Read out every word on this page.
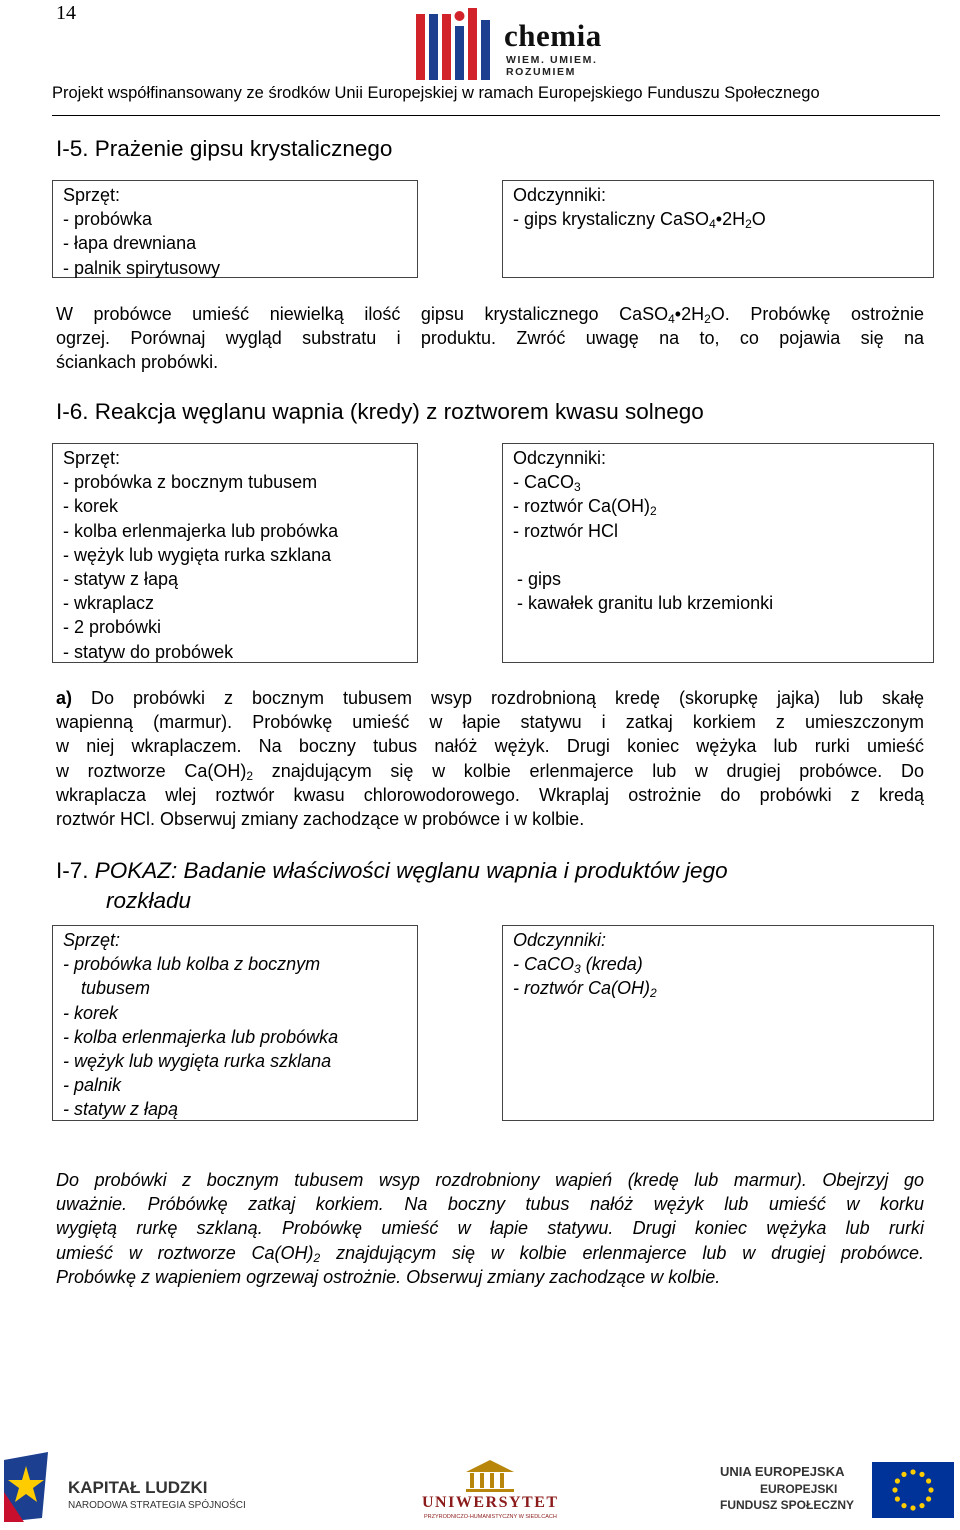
14
chemia
WIEM. UMIEM. ROZUMIEM
Projekt współfinansowany ze środków Unii Europejskiej w ramach Europejskiego Funduszu Społecznego
I-5. Prażenie gipsu krystalicznego
Sprzęt:
- probówka
- łapa drewniana
- palnik spirytusowy
Odczynniki:
- gips krystaliczny $CaSO_4•2H_2O$
W probówce umieść niewielką ilość gipsu krystalicznego $CaSO_4•2H_2O$. Probówkę ostrożnie
ogrzej. Porównaj wygląd substratu i produktu. Zwróć uwagę na to, co pojawia się na
ściankach probówki.
I-6. Reakcja węglanu wapnia (kredy) z roztworem kwasu solnego
Sprzęt:
- probówka z bocznym tubusem
- korek
- kolba erlenmajerka lub probówka
- wężyk lub wygięta rurka szklana
- statyw z łapą
- wkraplacz
- 2 probówki
- statyw do probówek
Odczynniki:
- CaCO$_3$
- roztwór $Ca(OH)_2$
- roztwór HCl
- gips
- kawałek granitu lub krzemionki
a) Do probówki z bocznym tubusem wsyp rozdrobnioną kredę (skorupkę jajka) lub skałę
wapienną (marmur). Probówkę umieść w łapie statywu i zatkaj korkiem z umieszczonym
w niej wkraplaczem. Na boczny tubus nałóż wężyk. Drugi koniec wężyka lub rurki umieść
w roztworze $Ca(OH)_2$ znajdującym się w kolbie erlenmajerce lub w drugiej probówce. Do
wkraplacza wlej roztwór kwasu chlorowodorowego. Wkraplaj ostrożnie do probówki z kredą
roztwór HCl. Obserwuj zmiany zachodzące w probówce i w kolbie.
I-7. POKAZ: Badanie właściwości węglanu wapnia i produktów jego
rozkładu
Sprzęt:
- probówka lub kolba z bocznym
tubusem
- korek
- kolba erlenmajerka lub probówka
- wężyk lub wygięta rurka szklana
- palnik
- statyw z łapą
Odczynniki:
- CaCO$_3$ (kreda)
- roztwór $Ca(OH)_2$
Do probówki z bocznym tubusem wsyp rozdrobniony wapień (kredę lub marmur). Obejrzyj go
uważnie. Próbówkę zatkaj korkiem. Na boczny tubus nałóż wężyk lub umieść w korku
wygiętą rurkę szklaną. Probówkę umieść w łapie statywu. Drugi koniec wężyka lub rurki
umieść w roztworze $Ca(OH)_2$ znajdującym się w kolbie erlenmajerce lub w drugiej probówce.
Probówkę z wapieniem ogrzewaj ostrożnie. Obserwuj zmiany zachodzące w kolbie.
KAPITAŁ LUDZKI
NARODOWA STRATEGIA SPÓJNOŚCI	UNIWERSYTET
PRZYRODNICZO-HUMANISTYCZNY W SIEDLCACH
UNIA EUROPEJSKA
EUROPEJSKI
FUNDUSZ SPOŁECZNY
